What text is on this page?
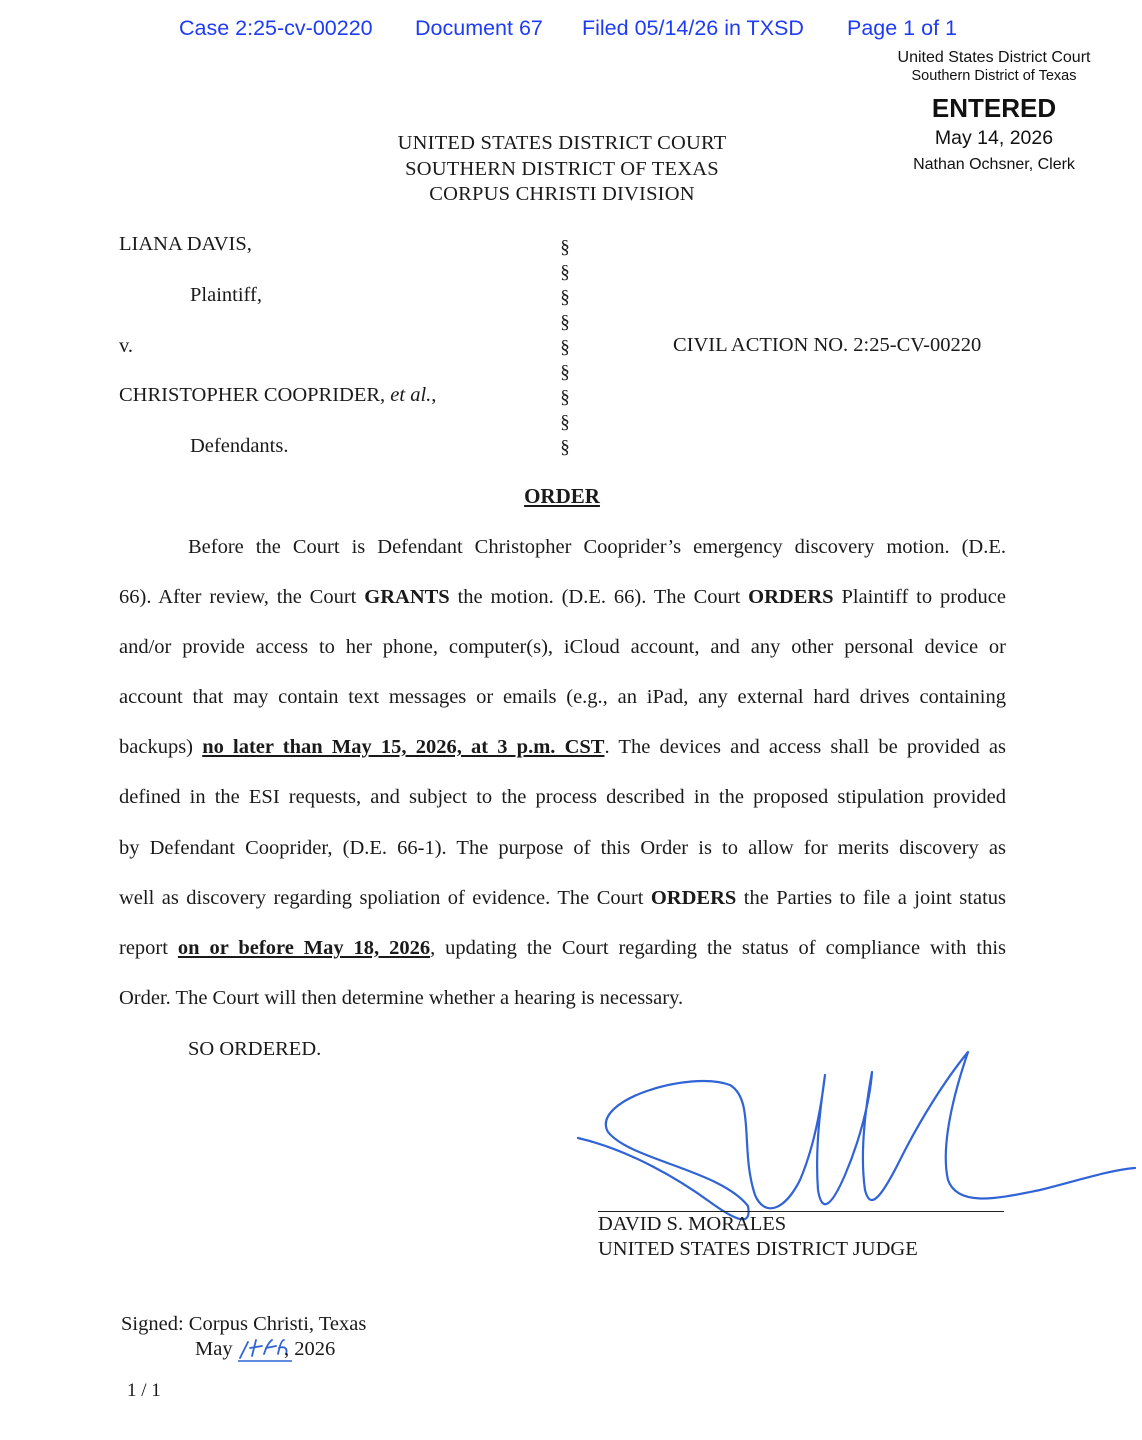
Case 2:25-cv-00220 Document 67 Filed 05/14/26 in TXSD Page 1 of 1
United States District Court
Southern District of Texas
ENTERED
May 14, 2026
Nathan Ochsner, Clerk
UNITED STATES DISTRICT COURT
SOUTHERN DISTRICT OF TEXAS
CORPUS CHRISTI DIVISION
LIANA DAVIS,
Plaintiff,
v.
CHRISTOPHER COOPRIDER, et al.,
Defendants.
CIVIL ACTION NO. 2:25-CV-00220
§
§
§
§
§
§
§
§
§
ORDER
Before the Court is Defendant Christopher Cooprider’s emergency discovery motion. (D.E.
66). After review, the Court GRANTS the motion. (D.E. 66). The Court ORDERS Plaintiff to produce
and/or provide access to her phone, computer(s), iCloud account, and any other personal device or
account that may contain text messages or emails (e.g., an iPad, any external hard drives containing
backups) no later than May 15, 2026, at 3 p.m. CST. The devices and access shall be provided as
defined in the ESI requests, and subject to the process described in the proposed stipulation provided
by Defendant Cooprider, (D.E. 66-1). The purpose of this Order is to allow for merits discovery as
well as discovery regarding spoliation of evidence. The Court ORDERS the Parties to file a joint status
report on or before May 18, 2026, updating the Court regarding the status of compliance with this
Order. The Court will then determine whether a hearing is necessary.
SO ORDERED.
DAVID S. MORALES
UNITED STATES DISTRICT JUDGE
Signed: Corpus Christi, Texas
May	, 2026
1 / 1
